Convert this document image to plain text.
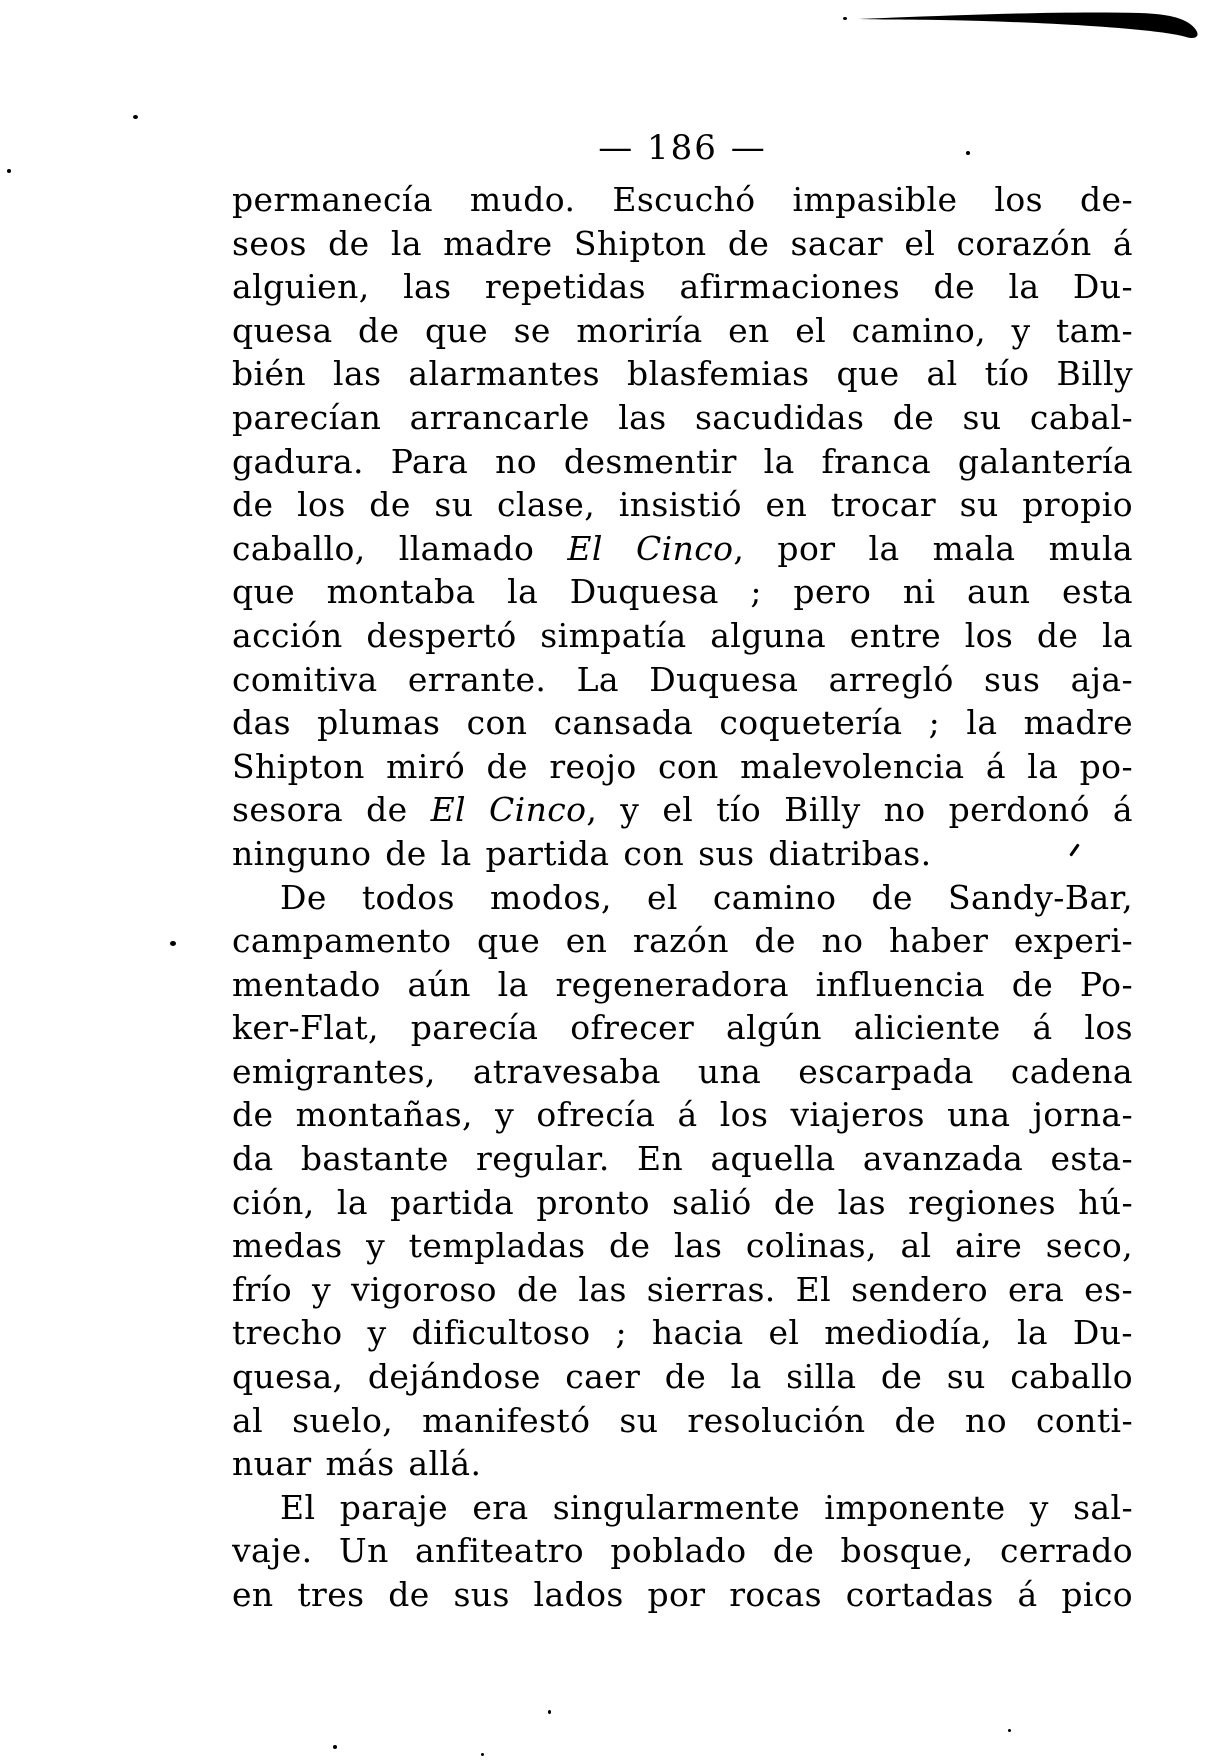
— 186 —
permanecía mudo. Escuchó impasible los de-
seos de la madre Shipton de sacar el corazón á
alguien, las repetidas afirmaciones de la Du-
quesa de que se moriría en el camino, y tam-
bién las alarmantes blasfemias que al tío Billy
parecían arrancarle las sacudidas de su cabal-
gadura. Para no desmentir la franca galantería
de los de su clase, insistió en trocar su propio
caballo, llamado El Cinco, por la mala mula
que montaba la Duquesa ; pero ni aun esta
acción despertó simpatía alguna entre los de la
comitiva errante. La Duquesa arregló sus aja-
das plumas con cansada coquetería ; la madre
Shipton miró de reojo con malevolencia á la po-
sesora de El Cinco, y el tío Billy no perdonó á
ninguno de la partida con sus diatribas.
De todos modos, el camino de Sandy-Bar,
campamento que en razón de no haber experi-
mentado aún la regeneradora influencia de Po-
ker-Flat, parecía ofrecer algún aliciente á los
emigrantes, atravesaba una escarpada cadena
de montañas, y ofrecía á los viajeros una jorna-
da bastante regular. En aquella avanzada esta-
ción, la partida pronto salió de las regiones hú-
medas y templadas de las colinas, al aire seco,
frío y vigoroso de las sierras. El sendero era es-
trecho y dificultoso ; hacia el mediodía, la Du-
quesa, dejándose caer de la silla de su caballo
al suelo, manifestó su resolución de no conti-
nuar más allá.
El paraje era singularmente imponente y sal-
vaje. Un anfiteatro poblado de bosque, cerrado
en tres de sus lados por rocas cortadas á pico
